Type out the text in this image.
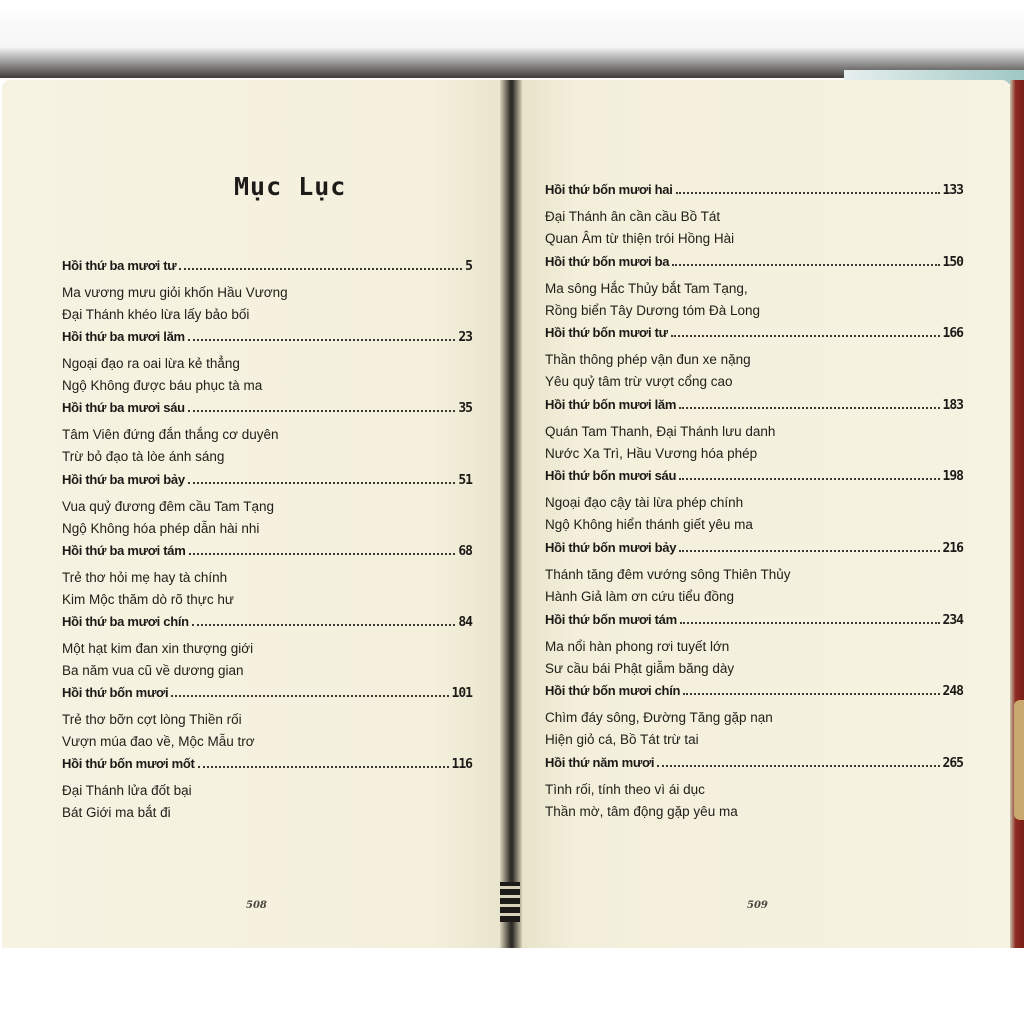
Mục Lục
Hồi thứ ba mươi tư	5
Ma vương mưu giỏi khốn Hầu Vương
Đại Thánh khéo lừa lấy bảo bối
Hồi thứ ba mươi lăm	23
Ngoại đạo ra oai lừa kẻ thẳng
Ngộ Không được báu phục tà ma
Hồi thứ ba mươi sáu	35
Tâm Viên đứng đắn thắng cơ duyên
Trừ bỏ đạo tà lòe ánh sáng
Hồi thứ ba mươi bảy	51
Vua quỷ đương đêm cầu Tam Tạng
Ngộ Không hóa phép dẫn hài nhi
Hồi thứ ba mươi tám	68
Trẻ thơ hỏi mẹ hay tà chính
Kim Mộc thăm dò rõ thực hư
Hồi thứ ba mươi chín	84
Một hạt kim đan xin thượng giới
Ba năm vua cũ về dương gian
Hồi thứ bốn mươi	101
Trẻ thơ bỡn cợt lòng Thiền rối
Vượn múa đao về, Mộc Mẫu trơ
Hồi thứ bốn mươi mốt	116
Đại Thánh lửa đốt bại
Bát Giới ma bắt đi
Hồi thứ bốn mươi hai	133
Đại Thánh ân cần cầu Bồ Tát
Quan Âm từ thiện trói Hồng Hài
Hồi thứ bốn mươi ba	150
Ma sông Hắc Thủy bắt Tam Tạng,
Rồng biển Tây Dương tóm Đà Long
Hồi thứ bốn mươi tư	166
Thần thông phép vận đun xe nặng
Yêu quỷ tâm trừ vượt cổng cao
Hồi thứ bốn mươi lăm	183
Quán Tam Thanh, Đại Thánh lưu danh
Nước Xa Trì, Hầu Vương hóa phép
Hồi thứ bốn mươi sáu	198
Ngoại đạo cậy tài lừa phép chính
Ngộ Không hiển thánh giết yêu ma
Hồi thứ bốn mươi bảy	216
Thánh tăng đêm vướng sông Thiên Thủy
Hành Giả làm ơn cứu tiểu đồng
Hồi thứ bốn mươi tám	234
Ma nổi hàn phong rơi tuyết lớn
Sư cầu bái Phật giẫm băng dày
Hồi thứ bốn mươi chín	248
Chìm đáy sông, Đường Tăng gặp nạn
Hiện giỏ cá, Bồ Tát trừ tai
Hồi thứ năm mươi	265
Tình rối, tính theo vì ái dục
Thần mờ, tâm động gặp yêu ma
508	509
